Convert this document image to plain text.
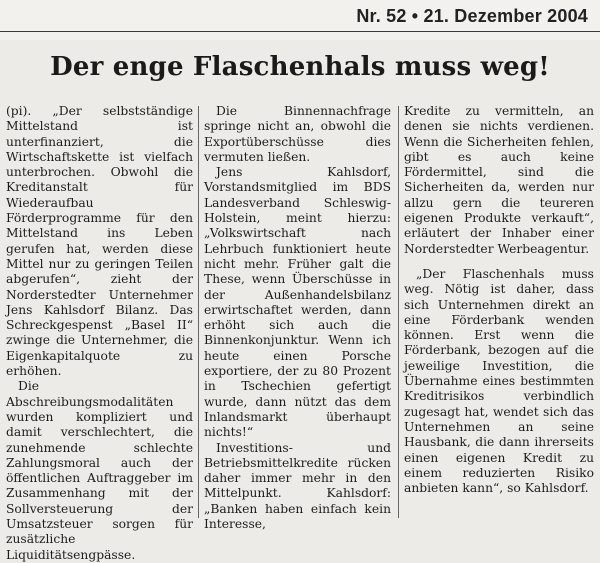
Nr. 52 • 21. Dezember 2004
Der enge Flaschenhals muss weg!

(pi). „Der selbstständige Mittelstand ist unterfinanziert, die Wirtschaftskette ist vielfach unterbrochen. Obwohl die Kreditanstalt für Wiederaufbau Förderprogramme für den Mittelstand ins Leben gerufen hat, werden diese Mittel nur zu geringen Teilen abgerufen“, zieht der Norderstedter Unternehmer Jens Kahlsdorf Bilanz. Das Schreckgespenst „Basel II“ zwinge die Unternehmer, die Eigenkapitalquote zu erhöhen.

Die Abschreibungsmodalitäten wurden kompliziert und damit verschlechtert, die zunehmende schlechte Zahlungsmoral auch der öffentlichen Auftraggeber im Zusammenhang mit der Sollversteuerung der Umsatzsteuer sorgen für zusätzliche Liquiditätsengpässe.

Die Binnennachfrage springe nicht an, obwohl die Exportüberschüsse dies vermuten ließen.

Jens Kahlsdorf, Vorstandsmitglied im BDS Landesverband Schleswig-Holstein, meint hierzu: „Volkswirtschaft nach Lehrbuch funktioniert heute nicht mehr. Früher galt die These, wenn Überschüsse in der Außenhandelsbilanz erwirtschaftet werden, dann erhöht sich auch die Binnenkonjunktur. Wenn ich heute einen Porsche exportiere, der zu 80 Prozent in Tschechien gefertigt wurde, dann nützt das dem Inlandsmarkt überhaupt nichts!“

Investitions- und Betriebsmittelkredite rücken daher immer mehr in den Mittelpunkt. Kahlsdorf: „Banken haben einfach kein Interesse,

Kredite zu vermitteln, an denen sie nichts verdienen. Wenn die Sicherheiten fehlen, gibt es auch keine Fördermittel, sind die Sicherheiten da, werden nur allzu gern die teureren eigenen Produkte verkauft“, erläutert der Inhaber einer Norderstedter Werbeagentur.

„Der Flaschenhals muss weg. Nötig ist daher, dass sich Unternehmen direkt an eine Förderbank wenden können. Erst wenn die Förderbank, bezogen auf die jeweilige Investition, die Übernahme eines bestimmten Kreditrisikos verbindlich zugesagt hat, wendet sich das Unternehmen an seine Hausbank, die dann ihrerseits einen eigenen Kredit zu einem reduzierten Risiko anbieten kann“, so Kahlsdorf.
